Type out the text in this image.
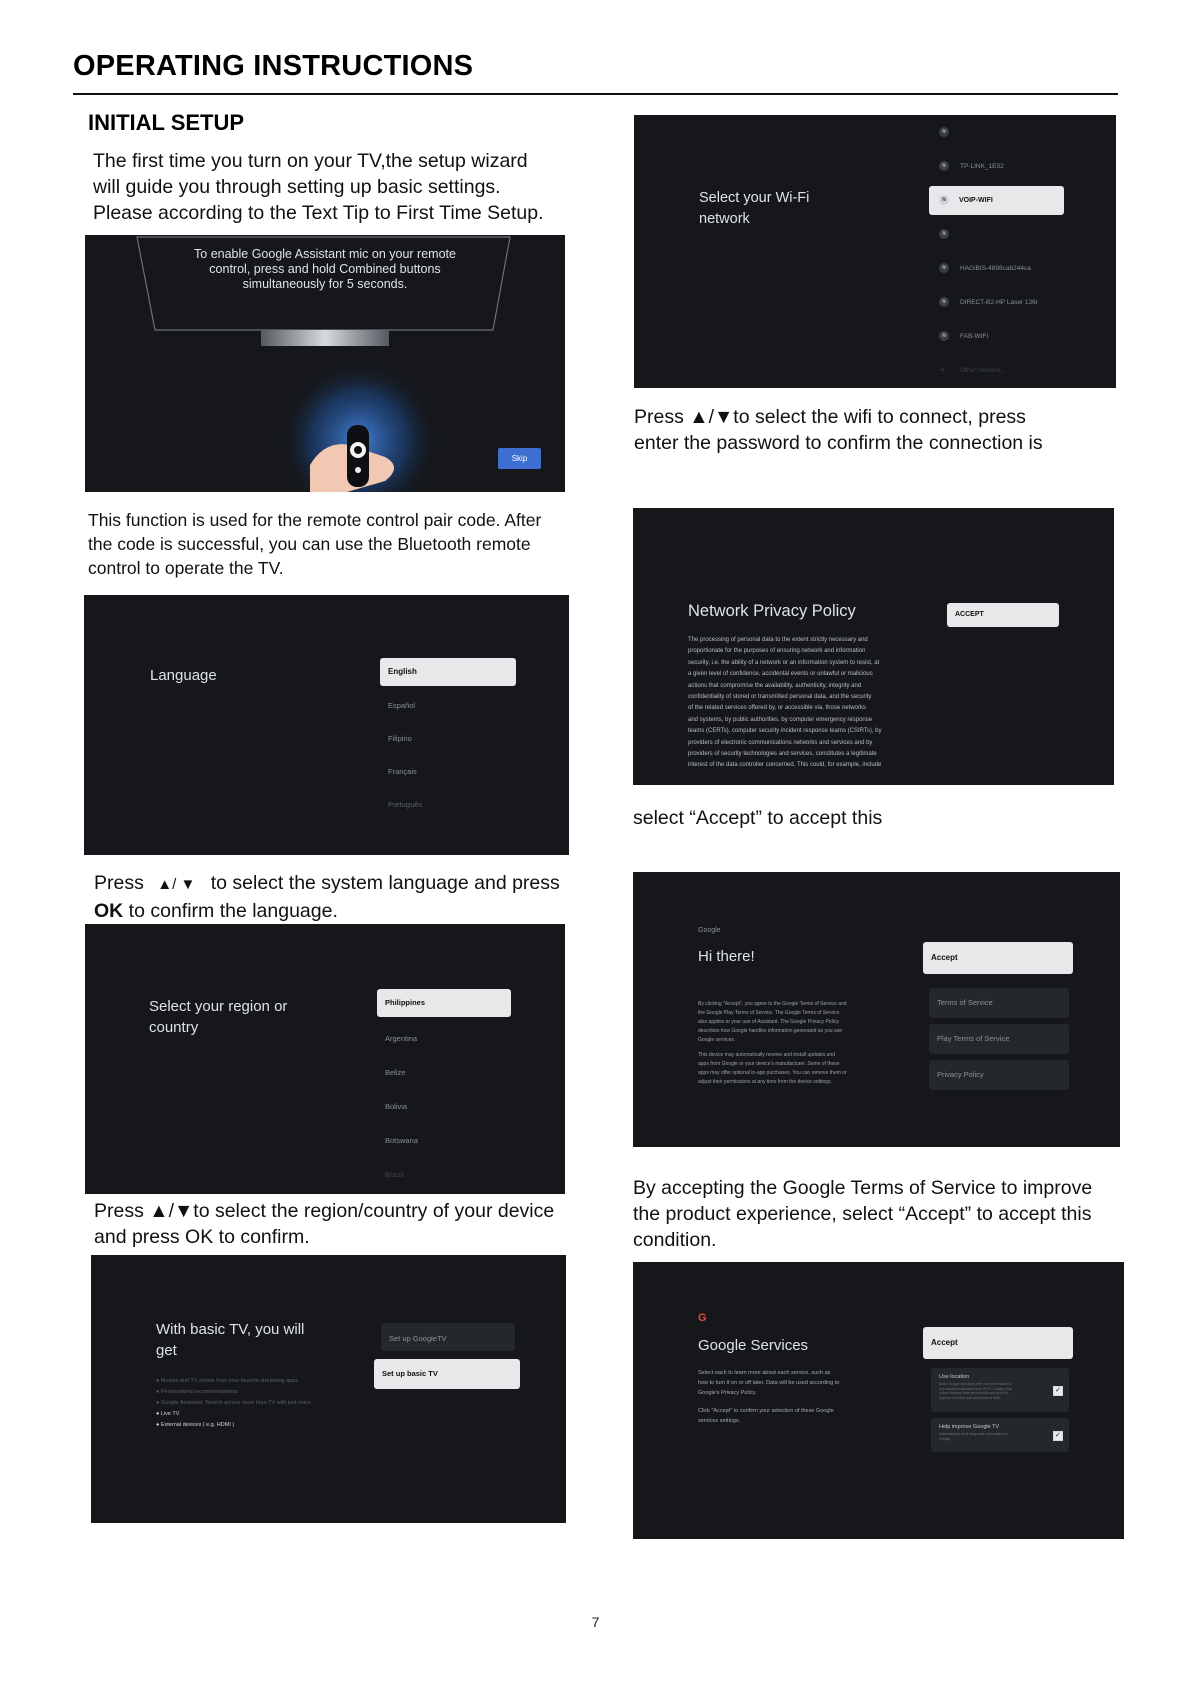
OPERATING INSTRUCTIONS
INITIAL SETUP
The first time you turn on your TV,the setup wizard
will guide you through setting up basic settings.
Please according to the Text Tip to First Time Setup.
To enable Google Assistant mic on your remote
control, press and hold Combined buttons
simultaneously for 5 seconds.
Skip
This function is used for the remote control pair code. After
the code is successful, you can use the Bluetooth remote
control to operate the TV.
Language	English
Español
Filipino
Français
Português
Press ▲/ ▼ to select the system language and press
OK to confirm the language.
Select your region or
country
Philippines
Argentina
Belize
Bolivia
Botswana
Brazil
Press ▲/▼to select the region/country of your device
and press OK to confirm.
With basic TV, you will
get
● Movies and TV shows from your favorite streaming apps
● Personalized recommendations
● Google Assistant. Search across more than TV with just voice
● Live TV
● External devices ( e.g. HDMI )
Set up GoogleTV
Set up basic TV
Select your Wi-Fi
network
≋
≋	TP-LINK_1E02
VOIP-WIFI
≋
≋
≋	HAGiBIS-4898cab244ca
≋	DIRECT-B2-HP Laser 136r
≋	FAB-WIFI
+ Other network...
Press ▲/▼to select the wifi to connect, press
enter the password to confirm the connection is
Network Privacy Policy	ACCEPT
The processing of personal data to the extent strictly necessary and
proportionate for the purposes of ensuring network and information
security, i.e. the ability of a network or an information system to resist, at
a given level of confidence, accidental events or unlawful or malicious
actions that compromise the availability, authenticity, integrity and
confidentiality of stored or transmitted personal data, and the security
of the related services offered by, or accessible via, those networks
and systems, by public authorities, by computer emergency response
teams (CERTs), computer security incident response teams (CSIRTs), by
providers of electronic communications networks and services and by
providers of security technologies and services, constitutes a legitimate
interest of the data controller concerned. This could, for example, include
select “Accept” to accept this
Google
Hi there!
By clicking "Accept", you agree to the Google Terms of Service and
the Google Play Terms of Service. The Google Terms of Service
also applies to your use of Assistant. The Google Privacy Policy
describes how Google handles information generated as you use
Google services.
This device may automatically receive and install updates and
apps from Google or your device's manufacturer. Some of these
apps may offer optional in-app purchases. You can remove them or
adjust their permissions at any time from the device settings.
Accept
Terms of Service
Play Terms of Service
Privacy Policy
By accepting the Google Terms of Service to improve
the product experience, select “Accept” to accept this
condition.
G
Google Services
Select each to learn more about each service, such as
how to turn it on or off later. Data will be used according to
Google's Privacy Policy.
Click "Accept" to confirm your selection of these Google
services settings.
Accept
Use location
Allow Google and apps with your permission to
use location estimated from Wi-Fi. Google may
collect location data periodically and use it to
improve services and anonymized data.
✓
Help improve Google TV
Automatically send diagnostic information to
Google	✓
7
